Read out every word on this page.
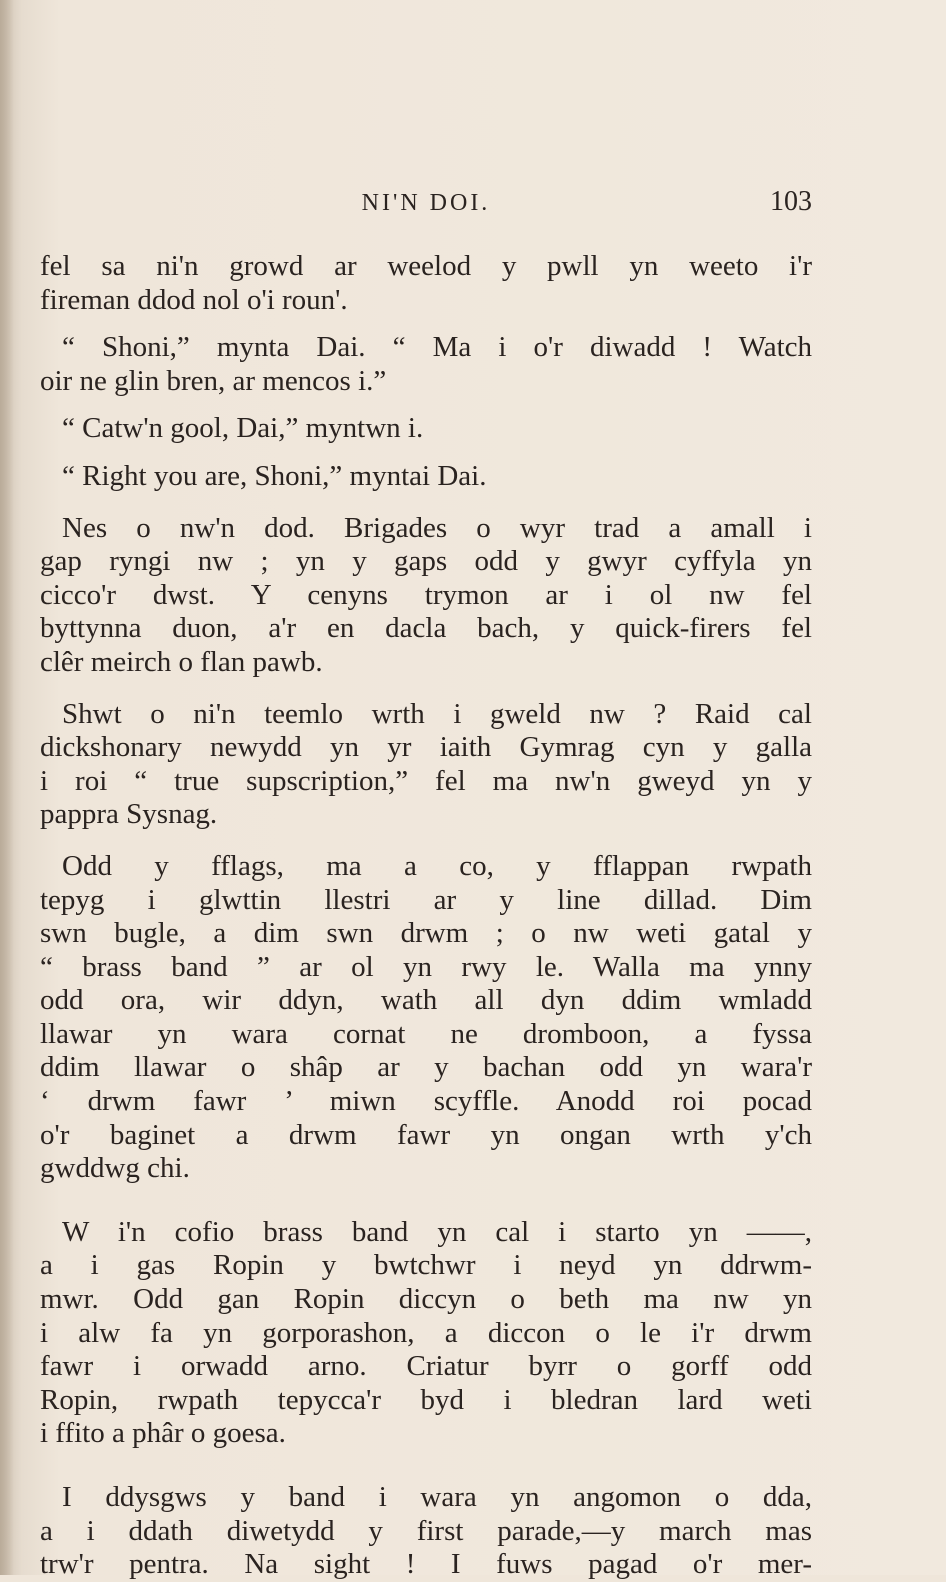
NI'N DOI.	103
fel sa ni'n growd ar weelod y pwll yn weeto i'r
fireman ddod nol o'i roun'.
“ Shoni,” mynta Dai. “ Ma i o'r diwadd ! Watch
oir ne glin bren, ar mencos i.”
“ Catw'n gool, Dai,” myntwn i.
“ Right you are, Shoni,” myntai Dai.
Nes o nw'n dod. Brigades o wyr trad a amall i
gap ryngi nw ; yn y gaps odd y gwyr cyffyla yn
cicco'r dwst. Y cenyns trymon ar i ol nw fel
byttynna duon, a'r en dacla bach, y quick-firers fel
clêr meirch o flan pawb.
Shwt o ni'n teemlo wrth i gweld nw ? Raid cal
dickshonary newydd yn yr iaith Gymrag cyn y galla
i roi “ true supscription,” fel ma nw'n gweyd yn y
pappra Sysnag.
Odd y fflags, ma a co, y fflappan rwpath
tepyg i glwttin llestri ar y line dillad. Dim
swn bugle, a dim swn drwm ; o nw weti gatal y
“ brass band ” ar ol yn rwy le. Walla ma ynny
odd ora, wir ddyn, wath all dyn ddim wmladd
llawar yn wara cornat ne dromboon, a fyssa
ddim llawar o shâp ar y bachan odd yn wara'r
‘ drwm fawr ’ miwn scyffle. Anodd roi pocad
o'r baginet a drwm fawr yn ongan wrth y'ch
gwddwg chi.
W i'n cofio brass band yn cal i starto yn ——,
a i gas Ropin y bwtchwr i neyd yn ddrwm-
mwr. Odd gan Ropin diccyn o beth ma nw yn
i alw fa yn gorporashon, a diccon o le i'r drwm
fawr i orwadd arno. Criatur byrr o gorff odd
Ropin, rwpath tepycca'r byd i bledran lard weti
i ffito a phâr o goesa.
I ddysgws y band i wara yn angomon o dda,
a i ddath diwetydd y first parade,—y march mas
trw'r pentra. Na sight ! I fuws pagad o'r mer-
